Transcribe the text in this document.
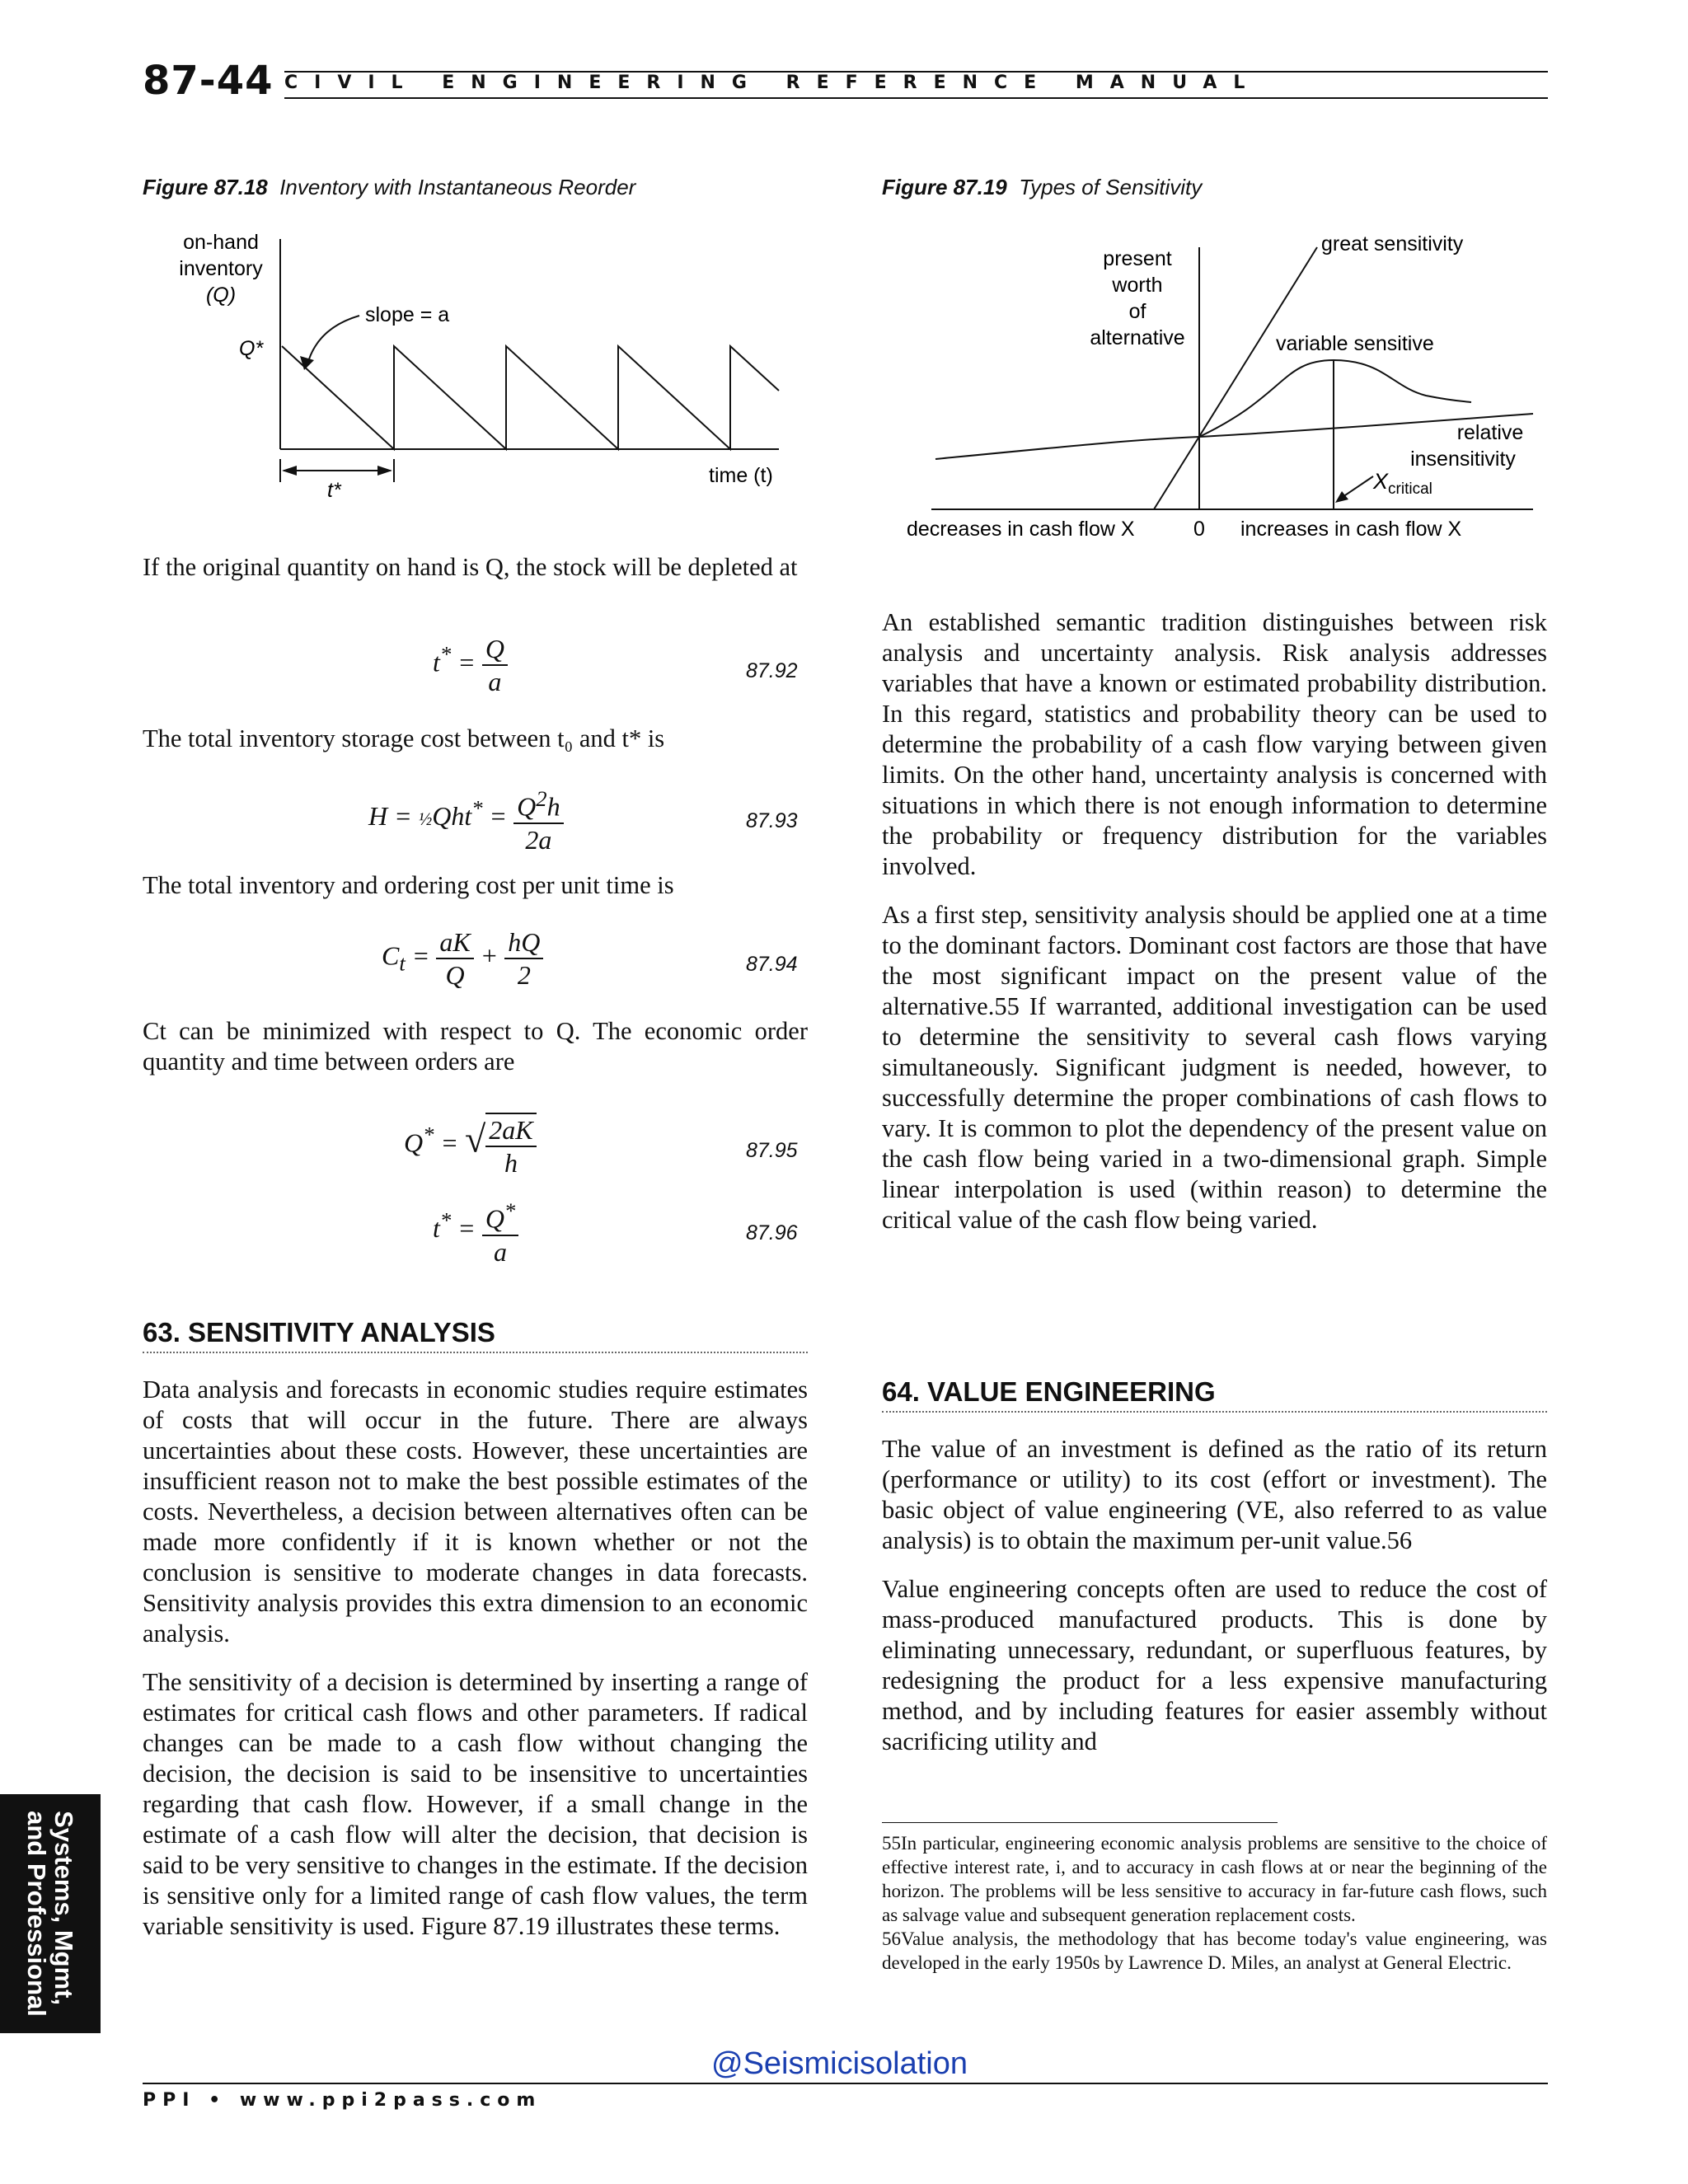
87-44 CIVIL ENGINEERING REFERENCE MANUAL
Figure 87.18 Inventory with Instantaneous Reorder	Figure 87.19 Types of Sensitivity
on-hand
inventory
(Q)
Q*
slope = a
t*
time (t)
present
worth
of
alternative
great sensitivity
variable sensitive
relative
insensitivity
$X_{critical}$
decreases in cash flow X	0 increases in cash flow X

If the original quantity on hand is Q, the stock will be depleted at

$t^* = \frac{Q}{a}$	87.92

The total inventory storage cost between t₀ and t* is

H = ½Qht* = $\frac{Q^2h}{2a}$	87.93

The total inventory and ordering cost per unit time is

$C_t = \frac{aK}{Q} + \frac{hQ}{2}$	87.94

Ct can be minimized with respect to Q. The economic order quantity and time between orders are

Q* = √ $\frac{2aK}{h}$	87.95
$t^* = \frac{Q^*}{a}$	87.96
63. SENSITIVITY ANALYSIS

Data analysis and forecasts in economic studies require estimates of costs that will occur in the future. There are always uncertainties about these costs. However, these uncertainties are insufficient reason not to make the best possible estimates of the costs. Nevertheless, a decision between alternatives often can be made more confidently if it is known whether or not the conclusion is sensitive to moderate changes in data forecasts. Sensitivity analysis provides this extra dimension to an economic analysis.

The sensitivity of a decision is determined by inserting a range of estimates for critical cash flows and other parameters. If radical changes can be made to a cash flow without changing the decision, the decision is said to be insensitive to uncertainties regarding that cash flow. However, if a small change in the estimate of a cash flow will alter the decision, that decision is said to be very sensitive to changes in the estimate. If the decision is sensitive only for a limited range of cash flow values, the term variable sensitivity is used. Figure 87.19 illustrates these terms.

An established semantic tradition distinguishes between risk analysis and uncertainty analysis. Risk analysis addresses variables that have a known or estimated probability distribution. In this regard, statistics and probability theory can be used to determine the probability of a cash flow varying between given limits. On the other hand, uncertainty analysis is concerned with situations in which there is not enough information to determine the probability or frequency distribution for the variables involved.

As a first step, sensitivity analysis should be applied one at a time to the dominant factors. Dominant cost factors are those that have the most significant impact on the present value of the alternative.55 If warranted, additional investigation can be used to determine the sensitivity to several cash flows varying simultaneously. Significant judgment is needed, however, to successfully determine the proper combinations of cash flows to vary. It is common to plot the dependency of the present value on the cash flow being varied in a two-dimensional graph. Simple linear interpolation is used (within reason) to determine the critical value of the cash flow being varied.

64. VALUE ENGINEERING

The value of an investment is defined as the ratio of its return (performance or utility) to its cost (effort or investment). The basic object of value engineering (VE, also referred to as value analysis) is to obtain the maximum per-unit value.56

Value engineering concepts often are used to reduce the cost of mass-produced manufactured products. This is done by eliminating unnecessary, redundant, or superfluous features, by redesigning the product for a less expensive manufacturing method, and by including features for easier assembly without sacrificing utility and

55In particular, engineering economic analysis problems are sensitive to the choice of effective interest rate, i, and to accuracy in cash flows at or near the beginning of the horizon. The problems will be less sensitive to accuracy in far-future cash flows, such as salvage value and subsequent generation replacement costs.

56Value analysis, the methodology that has become today's value engineering, was developed in the early 1950s by Lawrence D. Miles, an analyst at General Electric.

Systems, Mgmt,
and Professional
@Seismicisolation
PPI • www.ppi2pass.com
